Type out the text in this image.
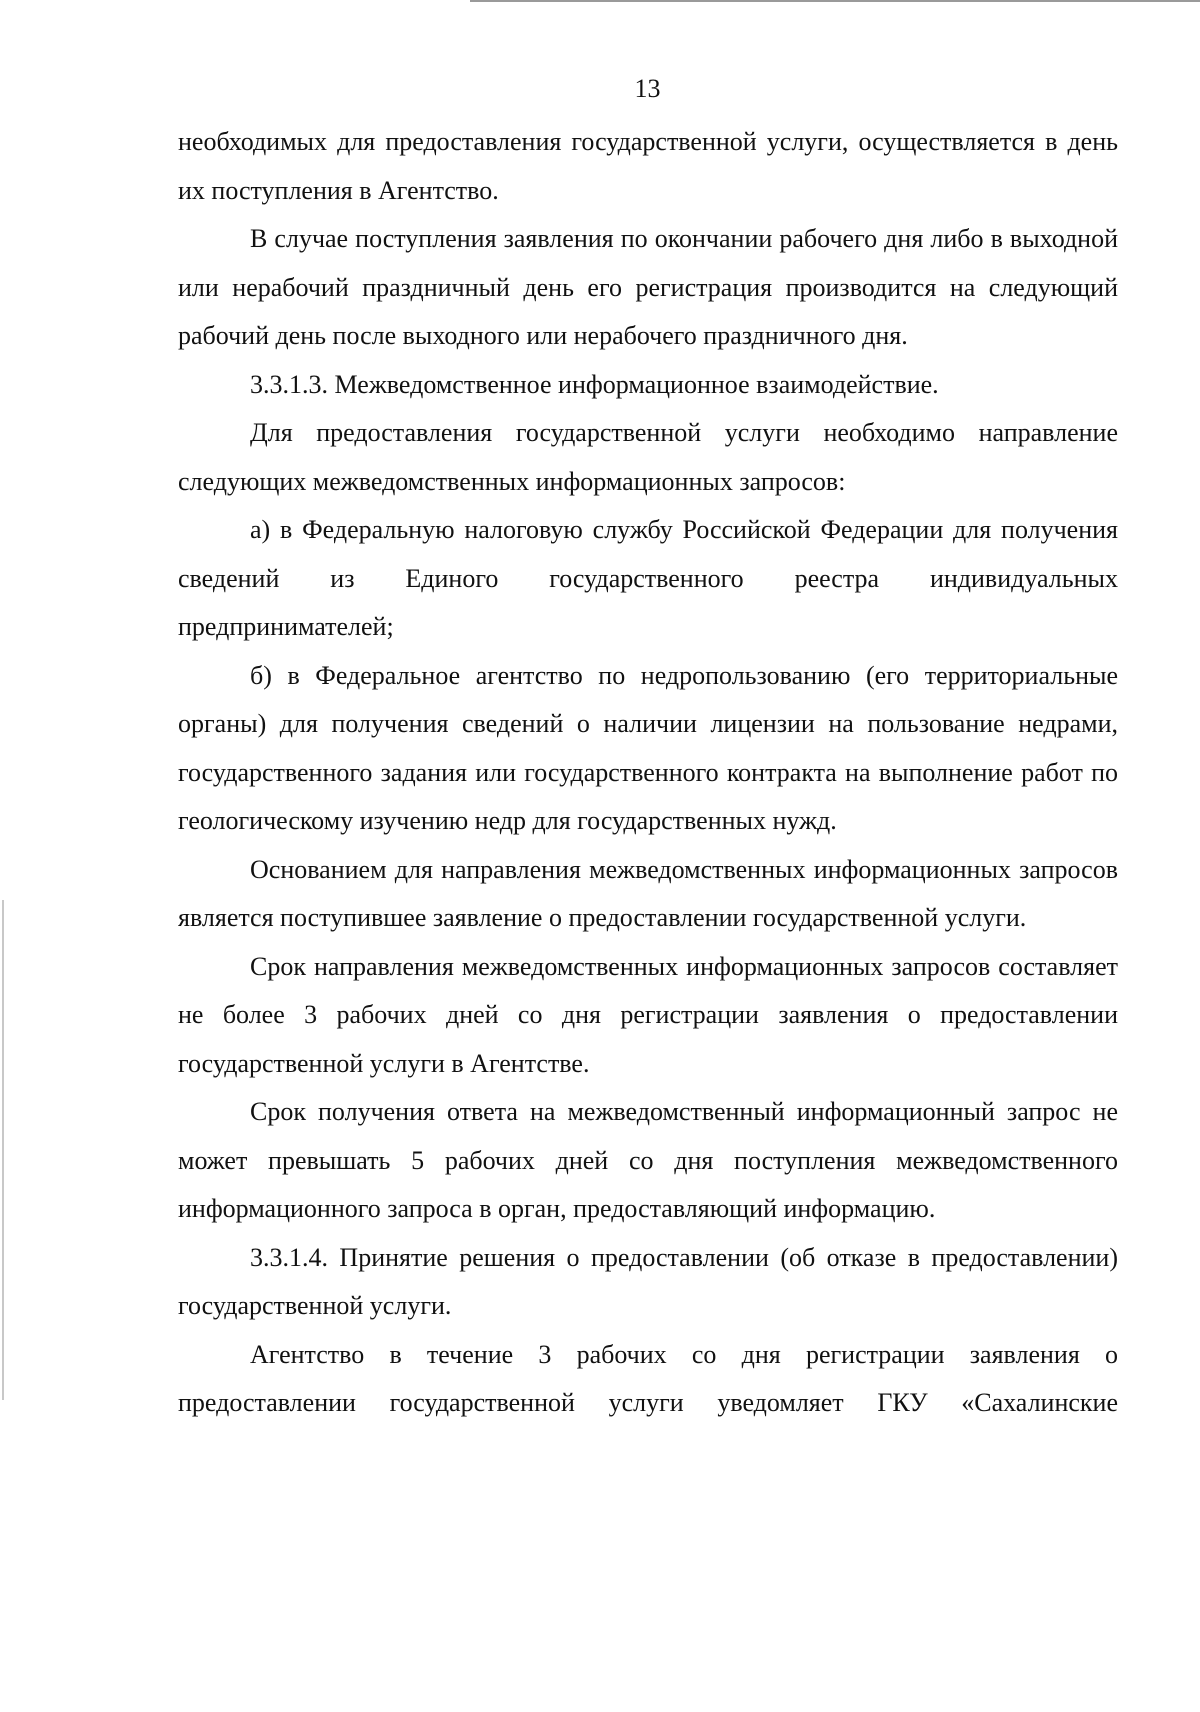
13

необходимых для предоставления государственной услуги, осуществляется в день их поступления в Агентство.

В случае поступления заявления по окончании рабочего дня либо в выходной или нерабочий праздничный день его регистрация производится на следующий рабочий день после выходного или нерабочего праздничного дня.

3.3.1.3. Межведомственное информационное взаимодействие.

Для предоставления государственной услуги необходимо направление следующих межведомственных информационных запросов:

а) в Федеральную налоговую службу Российской Федерации для получения сведений из Единого государственного реестра индивидуальных предпринимателей;

б) в Федеральное агентство по недропользованию (его территориальные органы) для получения сведений о наличии лицензии на пользование недрами, государственного задания или государственного контракта на выполнение работ по геологическому изучению недр для государственных нужд.

Основанием для направления межведомственных информационных запросов является поступившее заявление о предоставлении государственной услуги.

Срок направления межведомственных информационных запросов составляет не более 3 рабочих дней со дня регистрации заявления о предоставлении государственной услуги в Агентстве.

Срок получения ответа на межведомственный информационный запрос не может превышать 5 рабочих дней со дня поступления межведомственного информационного запроса в орган, предоставляющий информацию.

3.3.1.4. Принятие решения о предоставлении (об отказе в предоставлении) государственной услуги.

Агентство в течение 3 рабочих со дня регистрации заявления о предоставлении государственной услуги уведомляет ГКУ «Сахалинские
